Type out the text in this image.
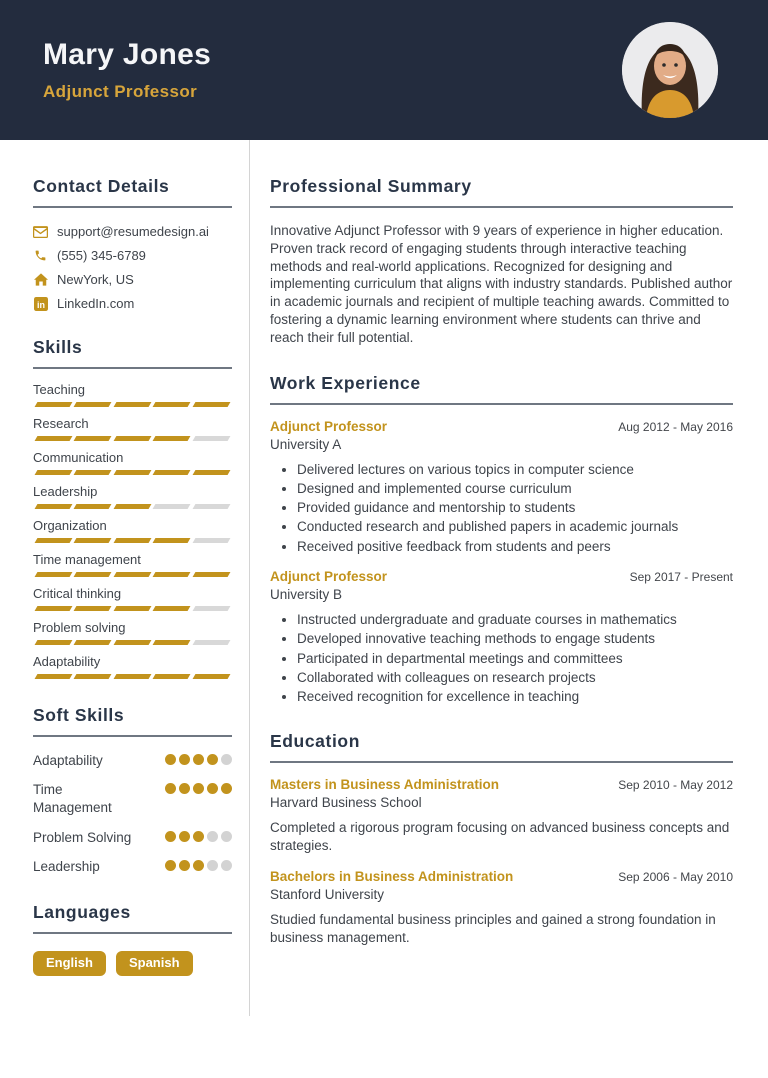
Mary Jones
Adjunct Professor
Contact Details
support@resumedesign.ai
(555) 345-6789
NewYork, US
in LinkedIn.com
Skills
Teaching
Research
Communication
Leadership
Organization
Time management
Critical thinking
Problem solving
Adaptability
Soft Skills
Adaptability
Time Management
Problem Solving
Leadership
Languages
English	Spanish
Professional Summary

Innovative Adjunct Professor with 9 years of experience in higher education. Proven track record of engaging students through interactive teaching methods and real-world applications. Recognized for designing and implementing curriculum that aligns with industry standards. Published author in academic journals and recipient of multiple teaching awards. Committed to fostering a dynamic learning environment where students can thrive and reach their full potential.

Work Experience
Adjunct Professor	Aug 2012 - May 2016
University A
• Delivered lectures on various topics in computer science
• Designed and implemented course curriculum
• Provided guidance and mentorship to students
• Conducted research and published papers in academic journals
• Received positive feedback from students and peers
Adjunct Professor	Sep 2017 - Present
University B
• Instructed undergraduate and graduate courses in mathematics
• Developed innovative teaching methods to engage students
• Participated in departmental meetings and committees
• Collaborated with colleagues on research projects
• Received recognition for excellence in teaching
Education
Masters in Business Administration	Sep 2010 - May 2012
Harvard Business School

Completed a rigorous program focusing on advanced business concepts and strategies.

Bachelors in Business Administration	Sep 2006 - May 2010
Stanford University

Studied fundamental business principles and gained a strong foundation in business management.
